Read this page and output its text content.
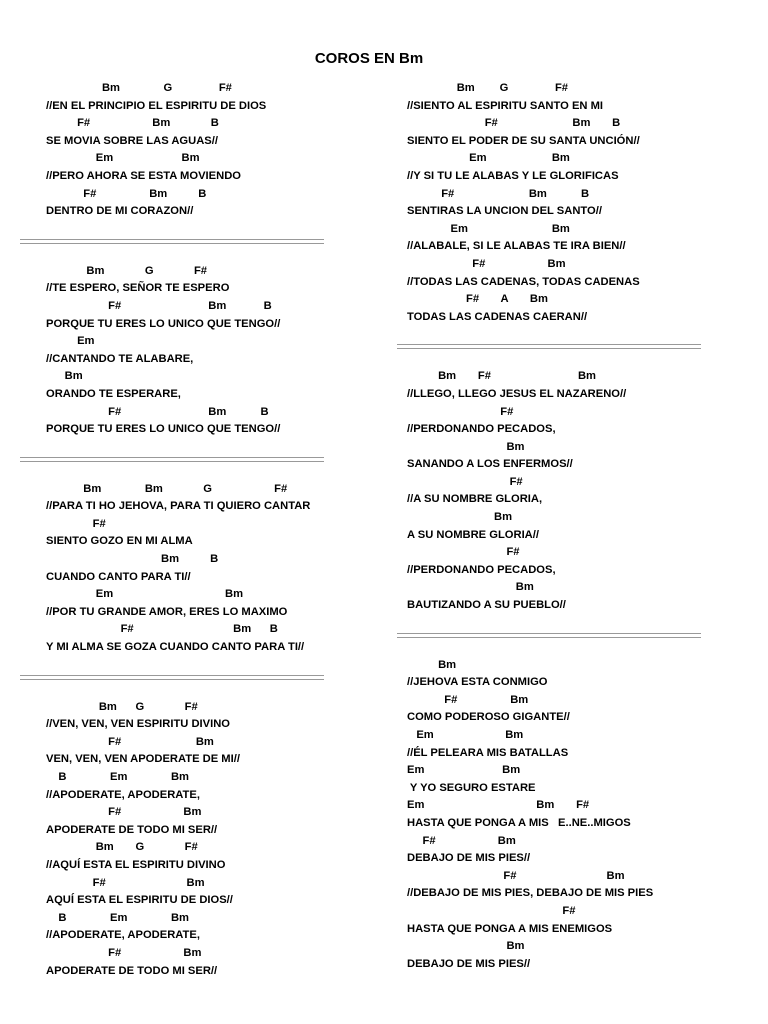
COROS EN Bm
Bm              G               F#
//EN EL PRINCIPIO EL ESPIRITU DE DIOS
F#                    Bm             B
SE MOVIA SOBRE LAS AGUAS//
Em                      Bm
//PERO AHORA SE ESTA MOVIENDO
F#                 Bm          B
DENTRO DE MI CORAZON//
Bm             G             F#
//TE ESPERO, SEÑOR TE ESPERO
F#                            Bm            B
PORQUE TU ERES LO UNICO QUE TENGO//
Em
//CANTANDO TE ALABARE,
Bm
ORANDO TE ESPERARE,
F#                            Bm           B
PORQUE TU ERES LO UNICO QUE TENGO//
Bm              Bm             G                    F#
//PARA TI HO JEHOVA, PARA TI QUIERO CANTAR
F#
SIENTO GOZO EN MI ALMA
Bm          B
CUANDO CANTO PARA TI//
Em                                    Bm
//POR TU GRANDE AMOR, ERES LO MAXIMO
F#                                Bm      B
Y MI ALMA SE GOZA CUANDO CANTO PARA TI//
Bm      G             F#
//VEN, VEN, VEN ESPIRITU DIVINO
F#                        Bm
VEN, VEN, VEN APODERATE DE MI//
B              Em              Bm
//APODERATE, APODERATE,
F#                    Bm
APODERATE DE TODO MI SER//
Bm       G             F#
//AQUÍ ESTA EL ESPIRITU DIVINO
F#                          Bm
AQUÍ ESTA EL ESPIRITU DE DIOS//
B              Em              Bm
//APODERATE, APODERATE,
F#                    Bm
APODERATE DE TODO MI SER//
Bm        G               F#
//SIENTO AL ESPIRITU SANTO EN MI
F#                        Bm       B
SIENTO EL PODER DE SU SANTA UNCIÓN//
Em                     Bm
//Y SI TU LE ALABAS Y LE GLORIFICAS
F#                        Bm           B
SENTIRAS LA UNCION DEL SANTO//
Em                           Bm
//ALABALE, SI LE ALABAS TE IRA BIEN//
F#                    Bm
//TODAS LAS CADENAS, TODAS CADENAS
F#       A       Bm
TODAS LAS CADENAS CAERAN//
Bm       F#                            Bm
//LLEGO, LLEGO JESUS EL NAZARENO//
F#
//PERDONANDO PECADOS,
Bm
SANANDO A LOS ENFERMOS//
F#
//A SU NOMBRE GLORIA,
Bm
A SU NOMBRE GLORIA//
F#
//PERDONANDO PECADOS,
Bm
BAUTIZANDO A SU PUEBLO//
Bm
//JEHOVA ESTA CONMIGO
F#                 Bm
COMO PODEROSO GIGANTE//
Em                       Bm
//ÉL PELEARA MIS BATALLAS
Em                         Bm
Y YO SEGURO ESTARE
Em                                    Bm       F#
HASTA QUE PONGA A MIS   E..NE..MIGOS
F#                    Bm
DEBAJO DE MIS PIES//
F#                             Bm
//DEBAJO DE MIS PIES, DEBAJO DE MIS PIES
F#
HASTA QUE PONGA A MIS ENEMIGOS
Bm
DEBAJO DE MIS PIES//
